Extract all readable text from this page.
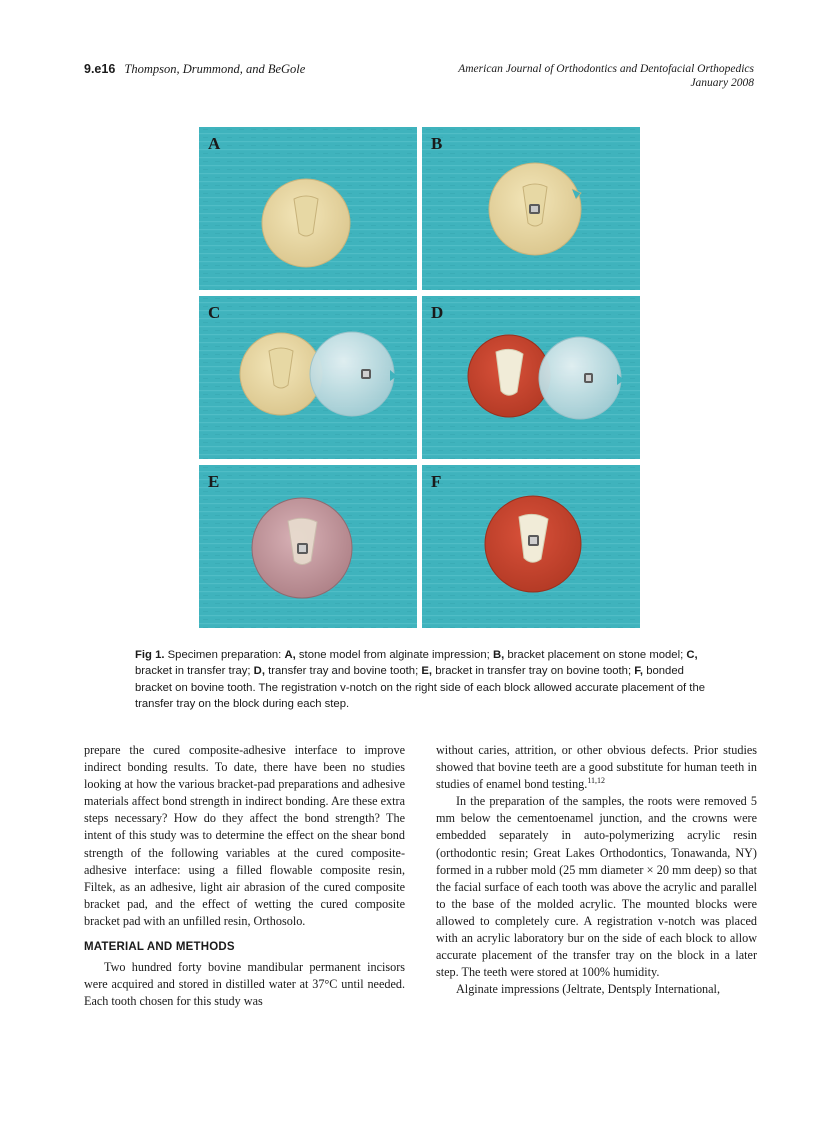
9.e16 Thompson, Drummond, and BeGole	American Journal of Orthodontics and Dentofacial Orthopedics
January 2008
A	B
C	D
E	F
Fig 1. Specimen preparation: A, stone model from alginate impression; B, bracket placement on stone model; C, bracket in transfer tray; D, transfer tray and bovine tooth; E, bracket in transfer tray on bovine tooth; F, bonded bracket on bovine tooth. The registration v-notch on the right side of each block allowed accurate placement of the transfer tray on the block during each step.

prepare the cured composite-adhesive interface to improve indirect bonding results. To date, there have been no studies looking at how the various bracket-pad preparations and adhesive materials affect bond strength in indirect bonding. Are these extra steps necessary? How do they affect the bond strength? The intent of this study was to determine the effect on the shear bond strength of the following variables at the cured composite-adhesive interface: using a filled flowable composite resin, Filtek, as an adhesive, light air abrasion of the cured composite bracket pad, and the effect of wetting the cured composite bracket pad with an unfilled resin, Orthosolo.

MATERIAL AND METHODS

Two hundred forty bovine mandibular permanent incisors were acquired and stored in distilled water at 37°C until needed. Each tooth chosen for this study was

without caries, attrition, or other obvious defects. Prior studies showed that bovine teeth are a good substitute for human teeth in studies of enamel bond testing.$^{11,12}$

In the preparation of the samples, the roots were removed 5 mm below the cementoenamel junction, and the crowns were embedded separately in auto-polymerizing acrylic resin (orthodontic resin; Great Lakes Orthodontics, Tonawanda, NY) formed in a rubber mold (25 mm diameter × 20 mm deep) so that the facial surface of each tooth was above the acrylic and parallel to the base of the molded acrylic. The mounted blocks were allowed to completely cure. A registration v-notch was placed with an acrylic laboratory bur on the side of each block to allow accurate placement of the transfer tray on the block in a later step. The teeth were stored at 100% humidity.

Alginate impressions (Jeltrate, Dentsply International,
